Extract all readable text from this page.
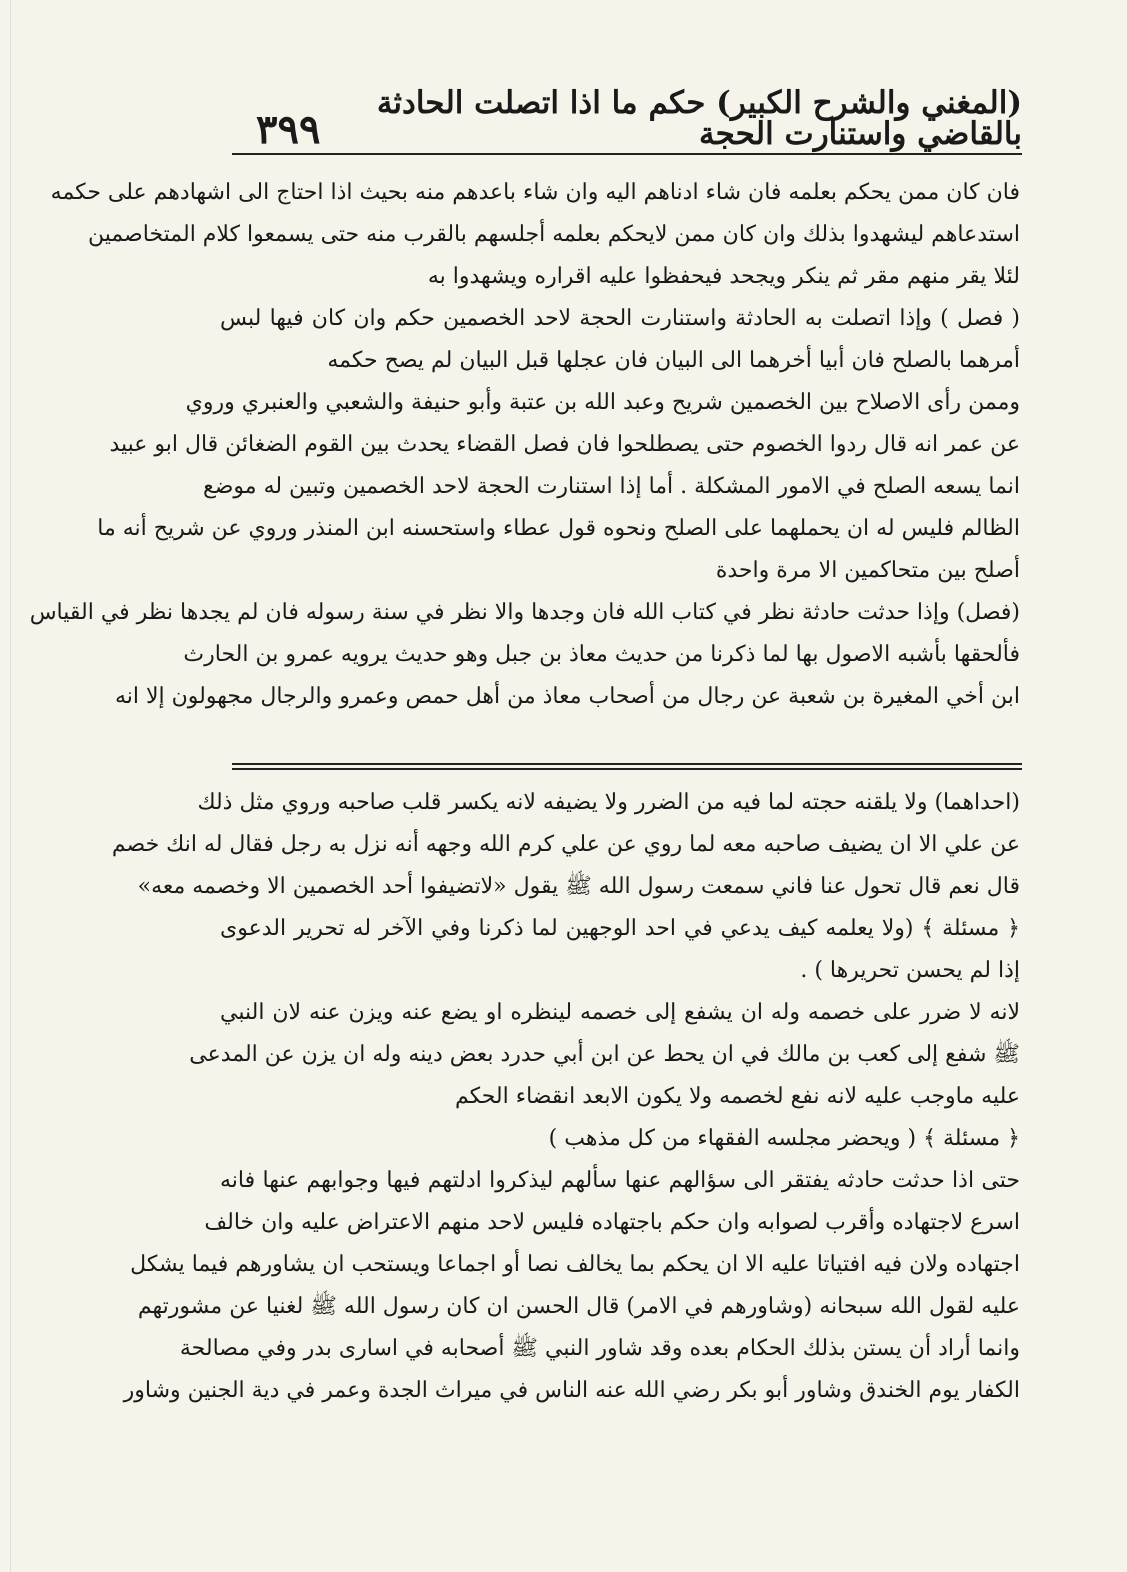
(المغني والشرح الكبير) حكم ما اذا اتصلت الحادثة بالقاضي واستنارت الحجة
٣٩٩
فان كان ممن يحكم بعلمه فان شاء ادناهم اليه وان شاء باعدهم منه بحيث اذا احتاج الى اشهادهم على حكمه
استدعاهم ليشهدوا بذلك وان كان ممن لايحكم بعلمه أجلسهم بالقرب منه حتى يسمعوا كلام المتخاصمين
لئلا يقر منهم مقر ثم ينكر ويجحد فيحفظوا عليه اقراره ويشهدوا به
( فصل ) وإذا اتصلت به الحادثة واستنارت الحجة لاحد الخصمين حكم وان كان فيها لبس
أمرهما بالصلح فان أبيا أخرهما الى البيان فان عجلها قبل البيان لم يصح حكمه
وممن رأى الاصلاح بين الخصمين شريح وعبد الله بن عتبة وأبو حنيفة والشعبي والعنبري وروي
عن عمر انه قال ردوا الخصوم حتى يصطلحوا فان فصل القضاء يحدث بين القوم الضغائن قال ابو عبيد
انما يسعه الصلح في الامور المشكلة . أما إذا استنارت الحجة لاحد الخصمين وتبين له موضع
الظالم فليس له ان يحملهما على الصلح ونحوه قول عطاء واستحسنه ابن المنذر وروي عن شريح أنه ما
أصلح بين متحاكمين الا مرة واحدة
(فصل) وإذا حدثت حادثة نظر في كتاب الله فان وجدها والا نظر في سنة رسوله فان لم يجدها نظر في القياس
فألحقها بأشبه الاصول بها لما ذكرنا من حديث معاذ بن جبل وهو حديث يرويه عمرو بن الحارث
ابن أخي المغيرة بن شعبة عن رجال من أصحاب معاذ من أهل حمص وعمرو والرجال مجهولون إلا انه
(احداهما) ولا يلقنه حجته لما فيه من الضرر ولا يضيفه لانه يكسر قلب صاحبه وروي مثل ذلك
عن علي الا ان يضيف صاحبه معه لما روي عن علي كرم الله وجهه أنه نزل به رجل فقال له انك خصم
قال نعم قال تحول عنا فاني سمعت رسول الله ﷺ يقول «لاتضيفوا أحد الخصمين الا وخصمه معه»
﴿ مسئلة ﴾ (ولا يعلمه كيف يدعي في احد الوجهين لما ذكرنا وفي الآخر له تحرير الدعوى
إذا لم يحسن تحريرها ) .
لانه لا ضرر على خصمه وله ان يشفع إلى خصمه لينظره او يضع عنه ويزن عنه لان النبي
ﷺ شفع إلى كعب بن مالك في ان يحط عن ابن أبي حدرد بعض دينه وله ان يزن عن المدعى
عليه ماوجب عليه لانه نفع لخصمه ولا يكون الابعد انقضاء الحكم
﴿ مسئلة ﴾ ( ويحضر مجلسه الفقهاء من كل مذهب )
حتى اذا حدثت حادثه يفتقر الى سؤالهم عنها سألهم ليذكروا ادلتهم فيها وجوابهم عنها فانه
اسرع لاجتهاده وأقرب لصوابه وان حكم باجتهاده فليس لاحد منهم الاعتراض عليه وان خالف
اجتهاده ولان فيه افتياتا عليه الا ان يحكم بما يخالف نصا أو اجماعا ويستحب ان يشاورهم فيما يشكل
عليه لقول الله سبحانه (وشاورهم في الامر) قال الحسن ان كان رسول الله ﷺ لغنيا عن مشورتهم
وانما أراد أن يستن بذلك الحكام بعده وقد شاور النبي ﷺ أصحابه في اسارى بدر وفي مصالحة
الكفار يوم الخندق وشاور أبو بكر رضي الله عنه الناس في ميراث الجدة وعمر في دية الجنين وشاور
